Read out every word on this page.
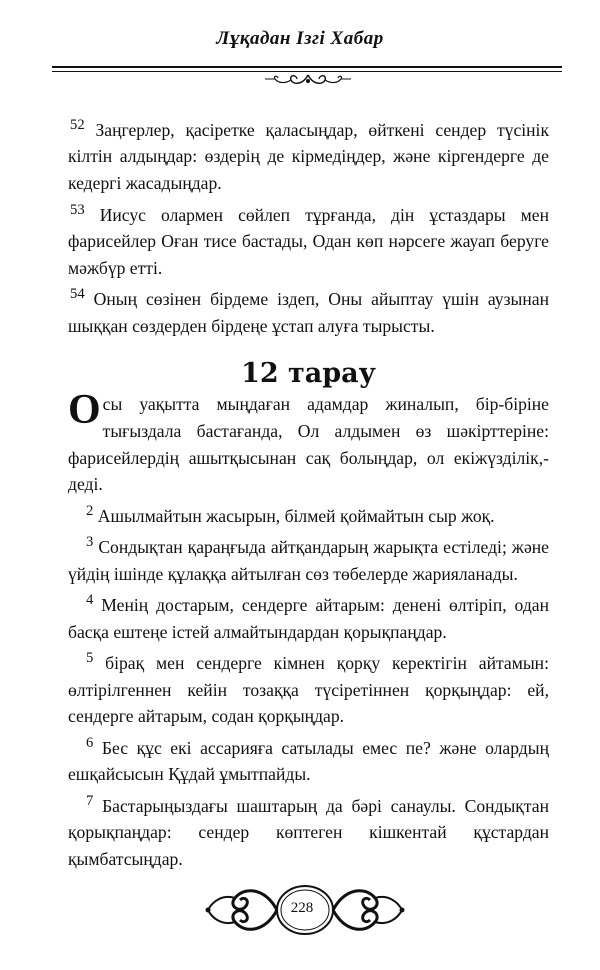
Лұқадан Ізгі Хабар

$^{52}$ Заңгерлер, қасіретке қаласыңдар, өйткені сендер түсінік кілтін алдыңдар: өздерің де кірмедіңдер, және кіргендерге де кедергі жасадыңдар.

$^{53}$ Иисус олармен сөйлеп тұрғанда, дін ұстаздары мен фарисейлер Оған тисе бастады, Одан көп нәрсеге жауап беруге мәжбүр етті.

$^{54}$ Оның сөзінен бірдеме іздеп, Оны айыптау үшін аузынан шыққан сөздерден бірдеңе ұстап алуға тырысты.

12 тарау

Осы уақытта мыңдаған адамдар жиналып, бір-біріне тығыздала бастағанда, Ол алдымен өз шәкірттеріне: фарисейлердің ашытқысынан сақ болыңдар, ол екіжүзділік,- деді.

$^2$ Ашылмайтын жасырын, білмей қоймайтын сыр жоқ.

$^3$ Сондықтан қараңғыда айтқандарың жарықта естіледі; және үйдің ішінде құлаққа айтылған сөз төбелерде жарияланады.

$^4$ Менің достарым, сендерге айтарым: денені өлтіріп, одан басқа ештеңе істей алмайтындардан қорықпаңдар.

$^5$ бірақ мен сендерге кімнен қорқу керектігін айтамын: өлтірілгеннен кейін тозаққа түсіретіннен қорқыңдар: ей, сендерге айтарым, содан қорқыңдар.

$^6$ Бес құс екі ассарияға сатылады емес пе? және олардың ешқайсысын Құдай ұмытпайды.

$^7$ Бастарыңыздағы шаштарың да бәрі санаулы. Сондықтан қорықпаңдар: сендер көптеген кішкентай құстардан қымбатсыңдар.

228
